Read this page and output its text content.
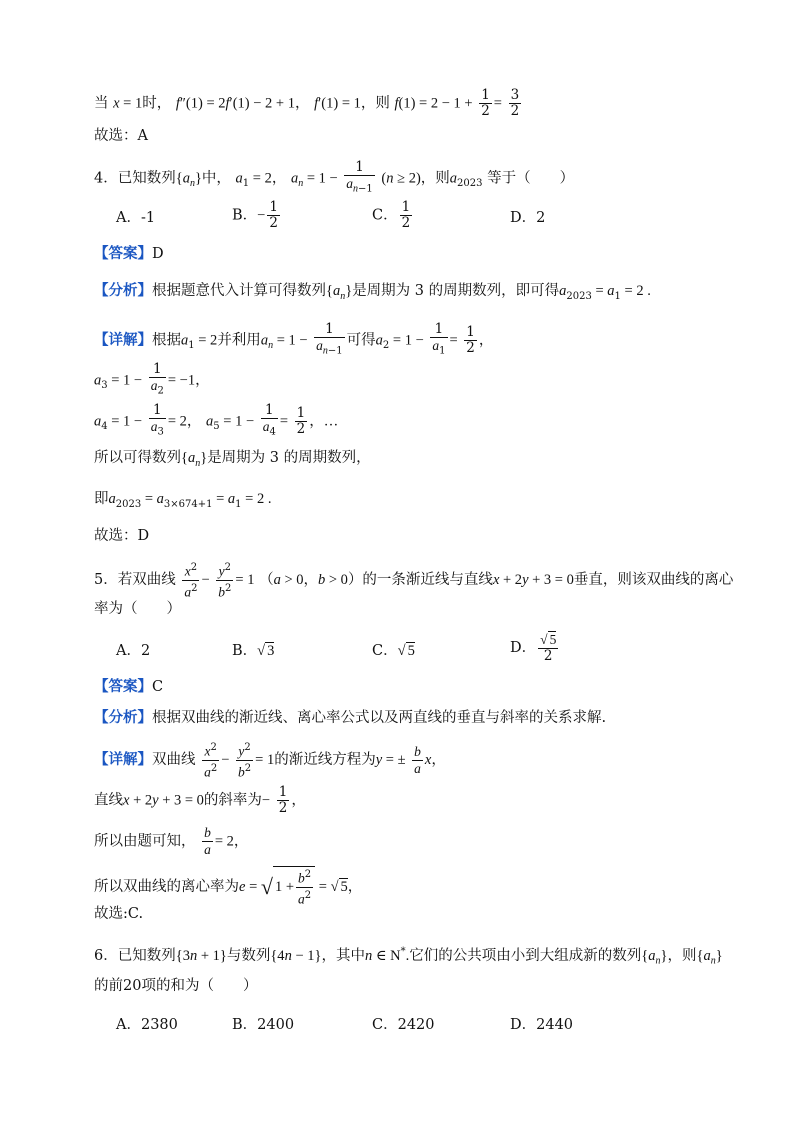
当 x = 1时， f″(1) = 2f′(1) − 2 + 1， f′(1) = 1，则 $f(1) = 2 - 1 + \frac{1}{2} = \frac{3}{2}$
故选：A
4．已知数列$\{a_n\}$中， $a_1 = 2$， $a_n = 1 - \frac{1}{a_{n-1}} (n \ge 2)$，则$a_{2023}$ 等于（　　）
A．-1	B．− $\frac{1}{2}$	C． $\frac{1}{2}$	D．2
【答案】D
【分析】根据题意代入计算可得数列$\{a_n\}$是周期为 3 的周期数列，即可得$a_{2023} = a_1 = 2$ .
【详解】根据$a_1 = 2$并利用$a_n = 1 - \frac{1}{a_{n-1}}$ 可得$a_2 = 1 - \frac{1}{a_1} = \frac{1}{2}$ ，
$a_3 = 1 - \frac{1}{a_2} = -1$，
$a_4 = 1 - \frac{1}{a_3} = 2$， $a_5 = 1 - \frac{1}{a_4} = \frac{1}{2}$ ，…
所以可得数列$\{a_n\}$是周期为 3 的周期数列，
即$a_{2023} = a_{3\times 674+1} = a_1 = 2$ .
故选：D
5．若双曲线 $\frac{x^2}{a^2} - \frac{y^2}{b^2} = 1$ （a > 0，b > 0）的一条渐近线与直线x + 2y + 3 = 0垂直，则该双曲线的离心
率为（　　）
A．2	B．√ 3	C．√ 5	D． $\frac{√ 5}{2}$
【答案】C
【分析】根据双曲线的渐近线、离心率公式以及两直线的垂直与斜率的关系求解.
【详解】双曲线 $\frac{x^2}{a^2} - \frac{y^2}{b^2} = 1$的渐近线方程为y = ± $\frac{b}{a}$ x，
直线x + 2y + 3 = 0的斜率为− $\frac{1}{2}$ ，
所以由题可知， $\frac{b}{a} = 2$，
所以双曲线的离心率为e = √ $1 + \frac{b^2}{a^2}$ = √ 5，
故选:C.
6．已知数列{3n + 1}与数列{4n − 1}，其中n ∈ N*.它们的公共项由小到大组成新的数列$\{a_n\}$，则$\{a_n\}$
的前20项的和为（　　）
A．2380	B．2400	C．2420	D．2440
